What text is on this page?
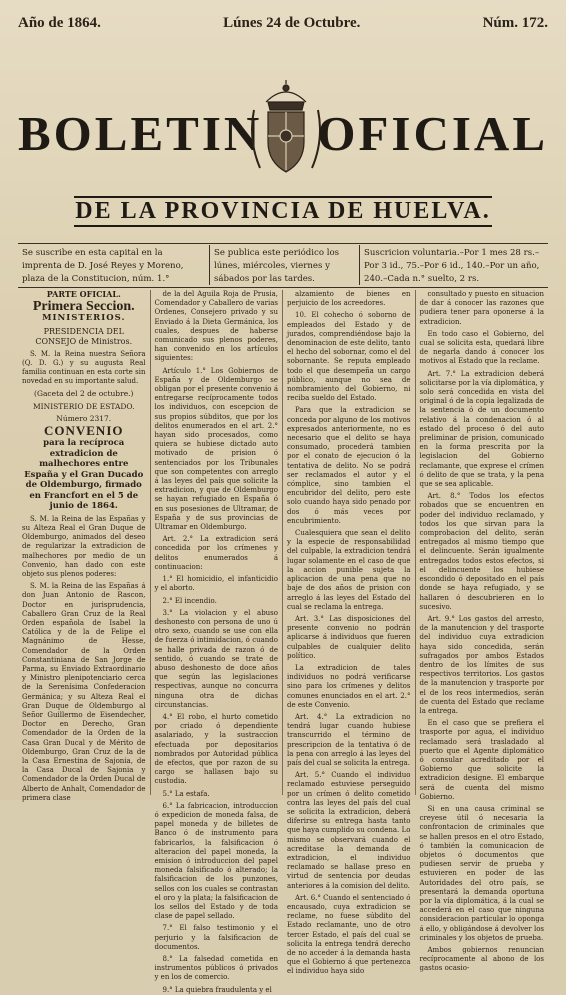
Año de 1864.	Lúnes 24 de Octubre.	Núm. 172.
BOLETIN OFICIAL
DE LA PROVINCIA DE HUELVA.
Se suscribe en esta capital en la imprenta de D. José Reyes y Moreno, plaza de la Constitucion, núm. 1.°
Se publica este periódico los lúnes, miércoles, viernes y sábados por las tardes.
Suscricion voluntaria.–Por 1 mes 28 rs.–Por 3 id., 75.–Por 6 id., 140.–Por un año, 240.–Cada n.° suelto, 2 rs.

PARTE OFICIAL.

Primera Seccion.

MINISTERIOS.

PRESIDENCIA DEL CONSEJO de Ministros.

S. M. la Reina nuestra Señora (Q. D. G.) y su augusta Real familia continuan en esta corte sin novedad en su importante salud.

(Gaceta del 2 de octubre.)

MINISTERIO DE ESTADO.

Número 2317.

CONVENIO

para la recíproca extradicion de malhechores entre España y el Gran Ducado de Oldemburgo, firmado en Francfort en el 5 de junio de 1864.

S. M. la Reina de las Españas y su Alteza Real el Gran Duque de Oldemburgo, animados del deseo de regularizar la extradicion de malhechores por medio de un Convenio, han dado con este objeto sus plenos poderes:

S. M. la Reina de las Españas á don Juan Antonio de Rascon, Doctor en jurisprudencia, Caballero Gran Cruz de la Real Orden española de Isabel la Católica y de la de Felipe el Magnánimo de Hesse, Comendador de la Orden Constantiniana de San Jorge de Parma, su Enviado Extraordinario y Ministro plenipotenciario cerca de la Serenísima Confederacion Germánica; y su Alteza Real el Gran Duque de Oldemburgo al Señor Guillermo de Eisendecher, Doctor en Derecho, Gran Comendador de la Orden de la Casa Gran Ducal y de Mérito de Oldemburgo, Gran Cruz de la de la Casa Ernestina de Sajonia, de la Casa Ducal de Sajonia y Comendador de la Orden Ducal de Alberto de Anhalt, Comendador de primera clase

de la del Aguila Roja de Prusia, Comendador y Caballero de varias Ordenes, Consejero privado y su Enviado á la Dieta Germánica, los cuales, despues de haberse comunicado sus plenos poderes, han convenido en los artículos siguientes:

Artículo 1.° Los Gobiernos de España y de Oldemburgo se obligan por el presente convenio á entregarse recíprocamente todos los individuos, con escepcion de sus propios súbditos, que por los delitos enumerados en el art. 2.° hayan sido procesados, como quiera se hubiese dictado auto motivado de prision ó sentenciados por los Tribunales que son competentes con arreglo á las leyes del país que solicite la extradicion, y que de Oldemburgo se hayan refugiado en España ó en sus posesiones de Ultramar, de España y de sus provincias de Ultramar en Oldemburgo.

Art. 2.° La extradicion será concedida por los crímenes y delitos enumerados á continuacion:

1.° El homicidio, el infanticidio y el aborto.

2.° El incendio.

3.° La violacion y el abuso deshonesto con persona de uno ú otro sexo, cuando se use con ella de fuerza ó intimidacion, ó cuando se halle privada de razon ó de sentido, ó cuando se trate de abuso deshonesto de doce años que según las legislaciones respectivas, aunque no concurra ninguna otra de dichas circunstancias.

4.° El robo, el hurto cometido por criado ó dependiente asalariado, y la sustraccion efectuada por depositarios nombrados por Autoridad pública de efectos, que por razon de su cargo se hallasen bajo su custodia.

5.° La estafa.

6.° La fabricacion, introduccion ó expedicion de moneda falsa, de papel moneda y de billetes de Banco ó de instrumento para fabricarlos, la falsificacion ó alteracion del papel moneda, la emision ó introduccion del papel moneda falsificado ó alterado; la falsificacion de los punzones, sellos con los cuales se contrastan el oro y la plata; la falsificacion de los sellos del Estado y de toda clase de papel sellado.

7.° El falso testimonio y el perjurio y la falsificacion de documentos.

8.° La falsedad cometida en instrumentos públicos ó privados y en los de comercio.

9.° La quiebra fraudulenta y el

alzamiento de bienes en perjuicio de los acreedores.

10. El cohecho ó soborno de empleados del Estado y de jurados, comprendiéndose bajo la denominacion de este delito, tanto el hecho del sobornar, como el del sobornante. Se reputa empleado todo el que desempeña un cargo público, aunque no sea de nombramiento del Gobierno, ni reciba sueldo del Estado.

Para que la extradicion se conceda por alguno de los motivos expresados anteriormente, no es necesario que el delito se haya consumado, procederá tambien por el conato de ejecucion ó la tentativa de delito. No se podrá ser reclamados el autor y el cómplice, sino tambien el encubridor del delito, pero este solo cuando haya sido penado por dos ó más veces por encubrimiento.

Cualesquiera que sean el delito y la especie de responsabilidad del culpable, la extradicion tendrá lugar solamente en el caso de que la accion punible sujeta la aplicacion de una pena que no baje de dos años de prision con arreglo á las leyes del Estado del cual se reclama la entrega.

Art. 3.° Las disposiciones del presente convenio no podrán aplicarse á individuos que fueren culpables de cualquier delito político.

La extradicion de tales individuos no podrá verificarse sino para los crímenes y delitos comunes enunciados en el art. 2.° de este Convenio.

Art. 4.° La extradicion no tendrá lugar cuando hubiese transcurrido el término de prescripcion de la tentativa ó de la pena con arreglo á las leyes del país del cual se solicita la entrega.

Art. 5.° Cuando el individuo reclamado estuviese perseguido por un crímen ó delito cometido contra las leyes del país del cual se solicita la extradicion, deberá diferirse su entrega hasta tanto que haya cumplido su condena. Lo mismo se observará cuando el acreditase la demanda de extradicion, el individuo reclamado se hallase preso en virtud de sentencia por deudas anteriores á la comision del delito.

Art. 6.° Cuando el sentenciado ó encausado, cuya extradicion se reclame, no fuese súbdito del Estado reclamante, uno de otro tercer Estado, el país del cual se solicita la entrega tendrá derecho de no acceder á la demanda hasta que el Gobierno á que pertenezca el individuo haya sido

consultado y puesto en situacion de dar á conocer las razones que pudiera tener para oponerse á la extradicion.

En todo caso el Gobierno, del cual se solicita esta, quedará libre de negarla dando á conocer los motivos al Estado que la reclame.

Art. 7.° La extradicion deberá solicitarse por la vía diplomática, y solo será concedida en vista del original ó de la copia legalizada de la sentencia ó de un documento relativo á la condenacion ó al estado del proceso ó del auto preliminar de prision, comunicado en la forma prescrita por la legislacion del Gobierno reclamante, que exprese el crímen ó delito de que se trata, y la pena que se sea aplicable.

Art. 8.° Todos los efectos robados que se encuentren en poder del individuo reclamado, y todos los que sirvan para la comprobacion del delito, serán entregados al mismo tiempo que el delincuente. Serán igualmente entregados todos estos efectos, si el delincuente los hubiese escondido ó depositado en el país donde se haya refugiado, y se hallaren ó descubrieren en lo sucesivo.

Art. 9.° Los gastos del arresto, de la manutencion y del trasporte del individuo cuya extradicion haya sido concedida, serán sufragados por ambos Estados dentro de los límites de sus respectivos territorios. Los gastos de la manutencion y trasporte por el de los reos intermedios, serán de cuenta del Estado que reclame la entrega.

En el caso que se prefiera el trasporte por agua, el individuo reclamado será trasladado al puerto que el Agente diplomático ó consular acreditado por el Gobierno que solicite la extradicion designe. El embarque será de cuenta del mismo Gobierno.

Si en una causa criminal se creyese útil ó necesaria la confrontacion de criminales que se hallen presos en el otro Estado, ó también la comunicacion de objetos ó documentos que pudiesen servir de prueba y estuvieren en poder de las Autoridades del otro país, se presentará la demanda oportuna por la vía diplomática, á la cual se accederá en el caso que ninguna consideracion particular lo oponga á ello, y obligándose á devolver los criminales y los objetos de prueba.

Ambos gobiernos renuncian recíprocamente al abono de los gastos ocasio-
